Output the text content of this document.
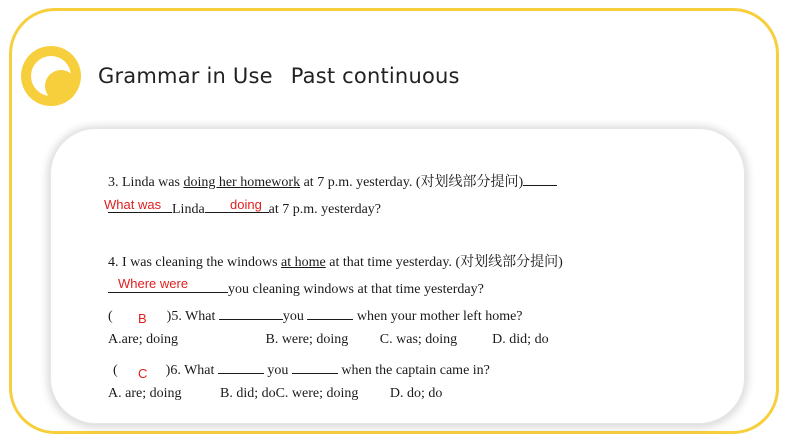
Grammar in Use Past continuous
3. Linda was doing her homework at 7 p.m. yesterday. (对划线部分提问)
Linda	at 7 p.m. yesterday?
What was	doing
4. I was cleaning the windows at home at that time yesterday. (对划线部分提问)
you cleaning windows at that time yesterday?
Where were
(	)5. What	you	when your mother left home?
B
A.are; doing                         B. were; doing         C. was; doing          D. did; do
(	)6. What	you	when the captain came in?
C
A. are; doing           B. did; doC. were; doing         D. do; do
